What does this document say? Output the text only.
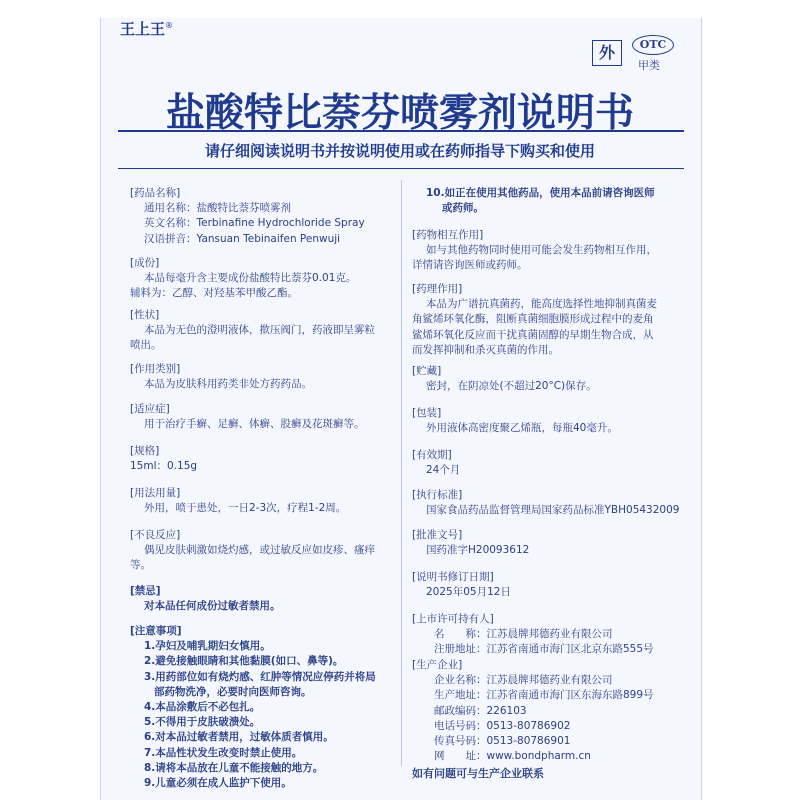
王上王®
外	OTC
甲类
盐酸特比萘芬喷雾剂说明书
请仔细阅读说明书并按说明使用或在药师指导下购买和使用

[药品名称]

通用名称：盐酸特比萘芬喷雾剂

英文名称：Terbinafine Hydrochloride Spray

汉语拼音：Yansuan Tebinaifen Penwuji

[成份]

本品每毫升含主要成份盐酸特比萘芬0.01克。

辅料为：乙醇、对羟基苯甲酸乙酯。

[性状]

本品为无色的澄明液体，揿压阀门，药液即呈雾粒

喷出。

[作用类别]

本品为皮肤科用药类非处方药药品。

[适应症]

用于治疗手癣、足癣、体癣、股癣及花斑癣等。

[规格]

15ml：0.15g

[用法用量]

外用，喷于患处，一日2-3次，疗程1-2周。

[不良反应]

偶见皮肤刺激如烧灼感，或过敏反应如皮疹、瘙痒

等。

[禁忌]

对本品任何成份过敏者禁用。

[注意事项]

1.孕妇及哺乳期妇女慎用。

2.避免接触眼睛和其他黏膜(如口、鼻等)。

3.用药部位如有烧灼感、红肿等情况应停药并将局

部药物洗净，必要时向医师咨询。

4.本品涂敷后不必包扎。

5.不得用于皮肤破溃处。

6.对本品过敏者禁用，过敏体质者慎用。

7.本品性状发生改变时禁止使用。

8.请将本品放在儿童不能接触的地方。

9.儿童必须在成人监护下使用。

10.如正在使用其他药品，使用本品前请咨询医师

或药师。

[药物相互作用]

如与其他药物同时使用可能会发生药物相互作用，

详情请咨询医师或药师。

[药理作用]

本品为广谱抗真菌药，能高度选择性地抑制真菌麦

角鲨烯环氧化酶，阻断真菌细胞膜形成过程中的麦角

鲨烯环氧化反应而干扰真菌固醇的早期生物合成，从

而发挥抑制和杀灭真菌的作用。

[贮藏]

密封，在阴凉处(不超过20°C)保存。

[包装]

外用液体高密度聚乙烯瓶，每瓶40毫升。

[有效期]

24个月

[执行标准]

国家食品药品监督管理局国家药品标准YBH05432009

[批准文号]

国药准字H20093612

[说明书修订日期]

2025年05月12日

[上市许可持有人]

名　　称：江苏晨牌邦德药业有限公司

注册地址：江苏省南通市海门区北京东路555号

[生产企业]

企业名称：江苏晨牌邦德药业有限公司

生产地址：江苏省南通市海门区东海东路899号

邮政编码：226103

电话号码：0513-80786902

传真号码：0513-80786901

网　　址：www.bondpharm.cn

如有问题可与生产企业联系
